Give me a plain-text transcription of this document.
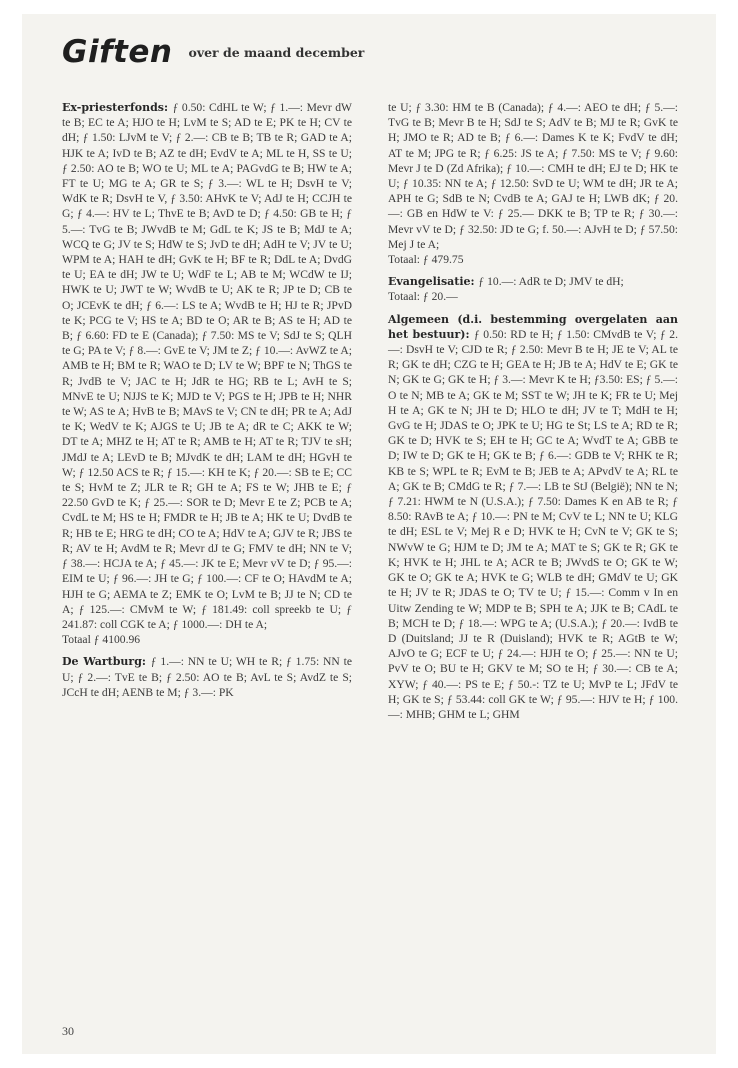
Giften $^{over de maand december}$

Ex-priesterfonds: ƒ 0.50: CdHL te W; ƒ 1.—: Mevr dW te B; EC te A; HJO te H; LvM te S; AD te E; PK te H; CV te dH; ƒ 1.50: LJvM te V; ƒ 2.—: CB te B; TB te R; GAD te A; HJK te A; IvD te B; AZ te dH; EvdV te A; ML te H, SS te U; ƒ 2.50: AO te B; WO te U; ML te A; PAGvdG te B; HW te A; FT te U; MG te A; GR te S; ƒ 3.—: WL te H; DsvH te V; WdK te R; DsvH te V, ƒ 3.50: AHvK te V; AdJ te H; CCJH te G; ƒ 4.—: HV te L; ThvE te B; AvD te D; ƒ 4.50: GB te H; ƒ 5.—: TvG te B; JWvdB te M; GdL te K; JS te B; MdJ te A; WCQ te G; JV te S; HdW te S; JvD te dH; AdH te V; JV te U; WPM te A; HAH te dH; GvK te H; BF te R; DdL te A; DvdG te U; EA te dH; JW te U; WdF te L; AB te M; WCdW te IJ; HWK te U; JWT te W; WvdB te U; AK te R; JP te D; CB te O; JCEvK te dH; ƒ 6.—: LS te A; WvdB te H; HJ te R; JPvD te K; PCG te V; HS te A; BD te O; AR te B; AS te H; AD te B; ƒ 6.60: FD te E (Canada); ƒ 7.50: MS te V; SdJ te S; QLH te G; PA te V; ƒ 8.—: GvE te V; JM te Z; ƒ 10.—: AvWZ te A; AMB te H; BM te R; WAO te D; LV te W; BPF te N; ThGS te R; JvdB te V; JAC te H; JdR te HG; RB te L; AvH te S; MNvE te U; NJJS te K; MJD te V; PGS te H; JPB te H; NHR te W; AS te A; HvB te B; MAvS te V; CN te dH; PR te A; AdJ te K; WedV te K; AJGS te U; JB te A; dR te C; AKK te W; DT te A; MHZ te H; AT te R; AMB te H; AT te R; TJV te sH; JMdJ te A; LEvD te B; MJvdK te dH; LAM te dH; HGvH te W; ƒ 12.50 ACS te R; ƒ 15.—: KH te K; ƒ 20.—: SB te E; CC te S; HvM te Z; JLR te R; GH te A; FS te W; JHB te E; ƒ 22.50 GvD te K; ƒ 25.—: SOR te D; Mevr E te Z; PCB te A; CvdL te M; HS te H; FMDR te H; JB te A; HK te U; DvdB te R; HB te E; HRG te dH; CO te A; HdV te A; GJV te R; JBS te R; AV te H; AvdM te R; Mevr dJ te G; FMV te dH; NN te V; ƒ 38.—: HCJA te A; ƒ 45.—: JK te E; Mevr vV te D; ƒ 95.—: EIM te U; ƒ 96.—: JH te G; ƒ 100.—: CF te O; HAvdM te A; HJH te G; AEMA te Z; EMK te O; LvM te B; JJ te N; CD te A; ƒ 125.—: CMvM te W; ƒ 181.49: coll spreekb te U; ƒ 241.87: coll CGK te A; ƒ 1000.—: DH te A;
Totaal ƒ 4100.96

De Wartburg: ƒ 1.—: NN te U; WH te R; ƒ 1.75: NN te U; ƒ 2.—: TvE te B; ƒ 2.50: AO te B; AvL te S; AvdZ te S; JCcH te dH; AENB te M; ƒ 3.—: PK

te U; ƒ 3.30: HM te B (Canada); ƒ 4.—: AEO te dH; ƒ 5.—: TvG te B; Mevr B te H; SdJ te S; AdV te B; MJ te R; GvK te H; JMO te R; AD te B; ƒ 6.—: Dames K te K; FvdV te dH; AT te M; JPG te R; ƒ 6.25: JS te A; ƒ 7.50: MS te V; ƒ 9.60: Mevr J te D (Zd Afrika); ƒ 10.—: CMH te dH; EJ te D; HK te U; ƒ 10.35: NN te A; ƒ 12.50: SvD te U; WM te dH; JR te A; APH te G; SdB te N; CvdB te A; GAJ te H; LWB dK; ƒ 20.—: GB en HdW te V: ƒ 25.— DKK te B; TP te R; ƒ 30.—: Mevr vV te D; ƒ 32.50: JD te G; f. 50.—: AJvH te D; ƒ 57.50: Mej J te A;
Totaal: ƒ 479.75

Evangelisatie: ƒ 10.—: AdR te D; JMV te dH;
Totaal: ƒ 20.—

Algemeen (d.i. bestemming overgelaten aan het bestuur): ƒ 0.50: RD te H; ƒ 1.50: CMvdB te V; ƒ 2.—: DsvH te V; CJD te R; ƒ 2.50: Mevr B te H; JE te V; AL te R; GK te dH; CZG te H; GEA te H; JB te A; HdV te E; GK te N; GK te G; GK te H; ƒ 3.—: Mevr K te H; ƒ3.50: ES; ƒ 5.—: O te N; MB te A; GK te M; SST te W; JH te K; FR te U; Mej H te A; GK te N; JH te D; HLO te dH; JV te T; MdH te H; GvG te H; JDAS te O; JPK te U; HG te St; LS te A; RD te R; GK te D; HVK te S; EH te H; GC te A; WvdT te A; GBB te D; IW te D; GK te H; GK te B; ƒ 6.—: GDB te V; RHK te R; KB te S; WPL te R; EvM te B; JEB te A; APvdV te A; RL te A; GK te B; CMdG te R; ƒ 7.—: LB te StJ (België); NN te N; ƒ 7.21: HWM te N (U.S.A.); ƒ 7.50: Dames K en AB te R; ƒ 8.50: RAvB te A; ƒ 10.—: PN te M; CvV te L; NN te U; KLG te dH; ESL te V; Mej R e D; HVK te H; CvN te V; GK te S; NWvW te G; HJM te D; JM te A; MAT te S; GK te R; GK te K; HVK te H; JHL te A; ACR te B; JWvdS te O; GK te W; GK te O; GK te A; HVK te G; WLB te dH; GMdV te U; GK te H; JV te R; JDAS te O; TV te U; ƒ 15.—: Comm v In en Uitw Zending te W; MDP te B; SPH te A; JJK te B; CAdL te B; MCH te D; ƒ 18.—: WPG te A; (U.S.A.); ƒ 20.—: IvdB te D (Duitsland; JJ te R (Duisland); HVK te R; AGtB te W; AJvO te G; ECF te U; ƒ 24.—: HJH te O; ƒ 25.—: NN te U; PvV te O; BU te H; GKV te M; SO te H; ƒ 30.—: CB te A; XYW; ƒ 40.—: PS te E; ƒ 50.-: TZ te U; MvP te L; JFdV te H; GK te S; ƒ 53.44: coll GK te W; ƒ 95.—: HJV te H; ƒ 100.—: MHB; GHM te L; GHM

30
